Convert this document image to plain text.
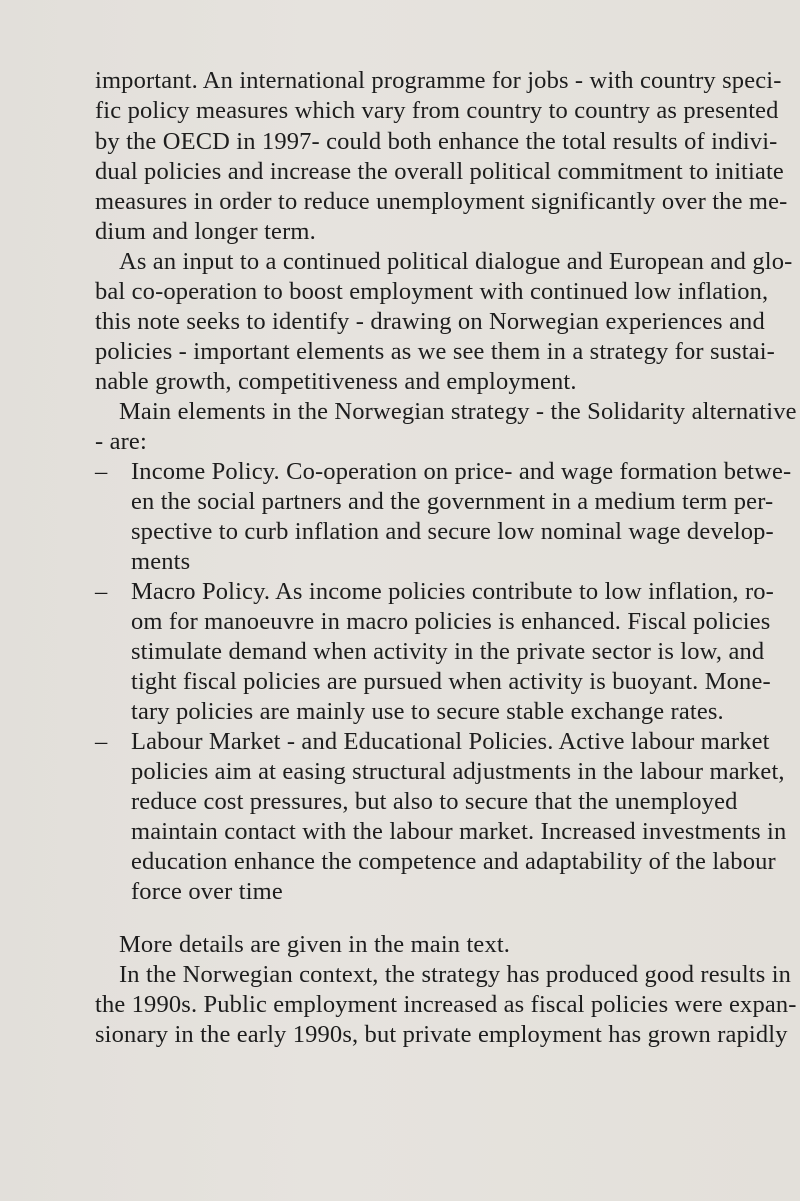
important. An international programme for jobs - with country speci-

fic policy measures which vary from country to country as presented

by the OECD in 1997- could both enhance the total results of indivi-

dual policies and increase the overall political commitment to initiate

measures in order to reduce unemployment significantly over the me-

dium and longer term.

As an input to a continued political dialogue and European and glo-

bal co-operation to boost employment with continued low inflation,

this note seeks to identify - drawing on Norwegian experiences and

policies - important elements as we see them in a strategy for sustai-

nable growth, competitiveness and employment.

Main elements in the Norwegian strategy - the Solidarity alternative

- are:

– Income Policy. Co-operation on price- and wage formation betwe-

en the social partners and the government in a medium term per-

spective to curb inflation and secure low nominal wage develop-

ments

– Macro Policy. As income policies contribute to low inflation, ro-

om for manoeuvre in macro policies is enhanced. Fiscal policies

stimulate demand when activity in the private sector is low, and

tight fiscal policies are pursued when activity is buoyant. Mone-

tary policies are mainly use to secure stable exchange rates.

– Labour Market - and Educational Policies. Active labour market

policies aim at easing structural adjustments in the labour market,

reduce cost pressures, but also to secure that the unemployed

maintain contact with the labour market. Increased investments in

education enhance the competence and adaptability of the labour

force over time

More details are given in the main text.

In the Norwegian context, the strategy has produced good results in

the 1990s. Public employment increased as fiscal policies were expan-

sionary in the early 1990s, but private employment has grown rapidly
